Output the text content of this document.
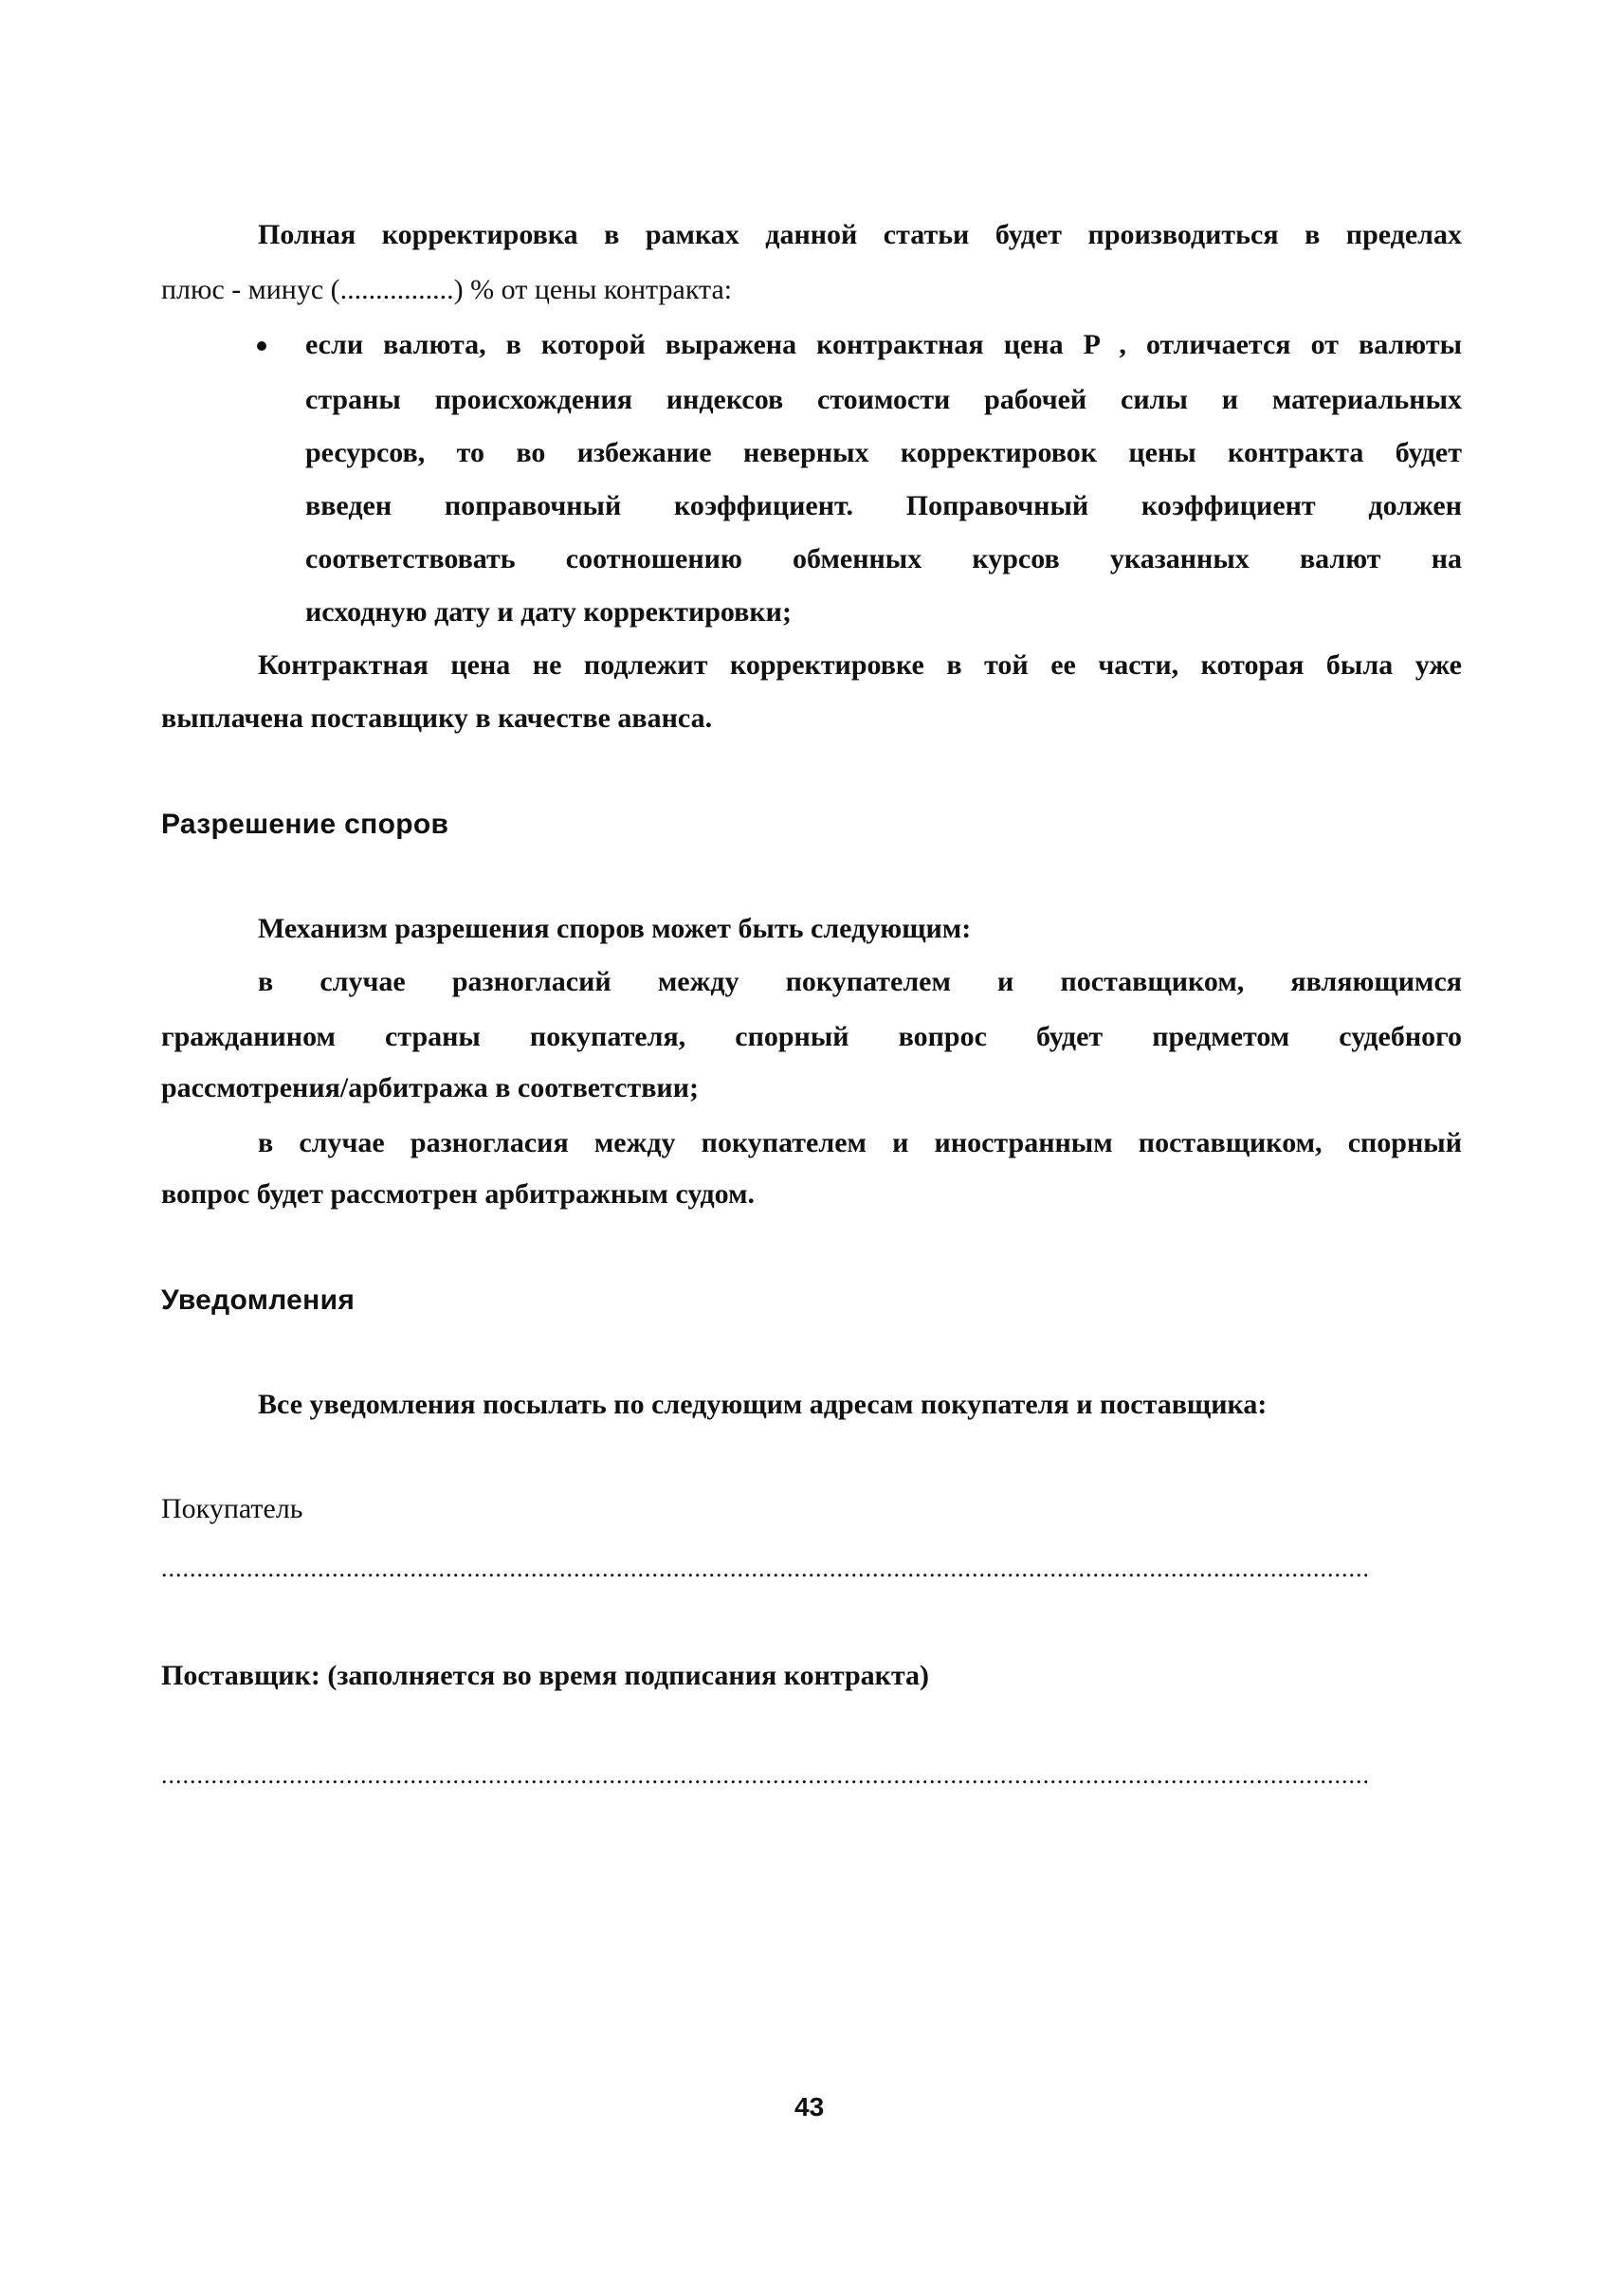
Полная корректировка в рамках данной статьи будет производиться в пределах
плюс - минус (................) % от цены контракта:
если валюта, в которой выражена контрактная цена P , отличается от валюты
страны происхождения индексов стоимости рабочей силы и материальных
ресурсов, то во избежание неверных корректировок цены контракта будет
введен поправочный коэффициент. Поправочный коэффициент должен
соответствовать соотношению обменных курсов указанных валют на
исходную дату и дату корректировки;
Контрактная цена не подлежит корректировке в той ее части, которая была уже
выплачена поставщику в качестве аванса.
Разрешение споров
Механизм разрешения споров может быть следующим:
в случае разногласий между покупателем и поставщиком, являющимся
гражданином страны покупателя, спорный вопрос будет предметом судебного
рассмотрения/арбитража в соответствии;
в случае разногласия между покупателем и иностранным поставщиком, спорный
вопрос будет рассмотрен арбитражным судом.
Уведомления
Все уведомления посылать по следующим адресам покупателя и поставщика:
Покупатель
..........................................................................................................................................................................
Поставщик: (заполняется во время подписания контракта)
..........................................................................................................................................................................
43
